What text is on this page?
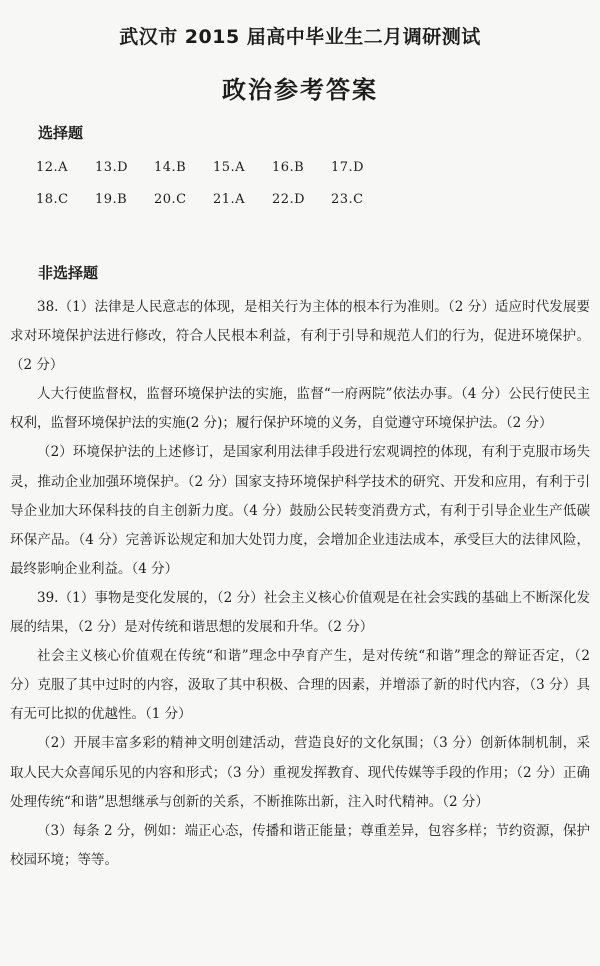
武汉市 2015 届高中毕业生二月调研测试
政治参考答案
选择题
12.A 13.D 14.B 15.A 16.B 17.D
18.C 19.B 20.C 21.A 22.D 23.C
非选择题

38.（1）法律是人民意志的体现，是相关行为主体的根本行为准则。（2 分）适应时代发展要求对环境保护法进行修改，符合人民根本利益，有利于引导和规范人们的行为，促进环境保护。（2 分）

人大行使监督权，监督环境保护法的实施，监督“一府两院”依法办事。（4 分）公民行使民主权利，监督环境保护法的实施(2 分)；履行保护环境的义务，自觉遵守环境保护法。（2 分）

（2）环境保护法的上述修订，是国家利用法律手段进行宏观调控的体现，有利于克服市场失灵，推动企业加强环境保护。（2 分）国家支持环境保护科学技术的研究、开发和应用，有利于引导企业加大环保科技的自主创新力度。（4 分）鼓励公民转变消费方式，有利于引导企业生产低碳环保产品。（4 分）完善诉讼规定和加大处罚力度，会增加企业违法成本，承受巨大的法律风险，最终影响企业利益。（4 分）

39.（1）事物是变化发展的，（2 分）社会主义核心价值观是在社会实践的基础上不断深化发展的结果，（2 分）是对传统和谐思想的发展和升华。（2 分）

社会主义核心价值观在传统“和谐”理念中孕育产生，是对传统“和谐”理念的辩证否定，（2 分）克服了其中过时的内容，汲取了其中积极、合理的因素，并增添了新的时代内容，（3 分）具有无可比拟的优越性。（1 分）

（2）开展丰富多彩的精神文明创建活动，营造良好的文化氛围；（3 分）创新体制机制，采取人民大众喜闻乐见的内容和形式；（3 分）重视发挥教育、现代传媒等手段的作用；（2 分）正确处理传统“和谐”思想继承与创新的关系，不断推陈出新，注入时代精神。（2 分）

（3）每条 2 分，例如：端正心态，传播和谐正能量；尊重差异，包容多样；节约资源，保护校园环境；等等。
